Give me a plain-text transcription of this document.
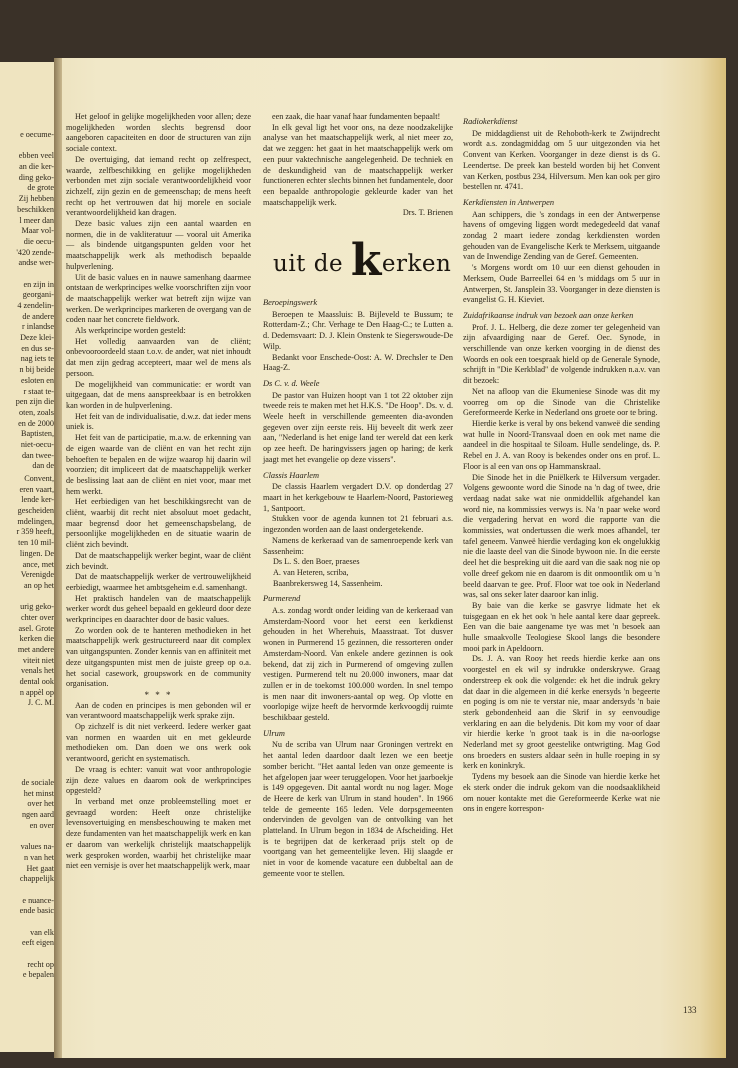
e oecume-
ebben veel
an die ker-
ding geko-
de grote
Zij hebben
beschikken
l meer dan
Maar vol-
die oecu-
'420 zende-
andse wer-
en zijn in
georgani-
4 zendelin-
de andere
r inlandse
Deze klei-
en dus se-
nag iets te
n bij beide
esloten en
r staat te-
pen zijn die
oten, zoals
en de 2000
Baptisten,
niet-oecu-
dan twee-
dan de
Convent,
eren vaart,
lende ker-
gescheiden
mdelingen,
r 359 heeft,
ten 10 mil-
lingen. De
ance, met
Verenigde
an op het
urig geko-
chter over
asel. Grote
kerken die
met andere
viteit niet
venals het
dental ook
n appèl op
J. C. M.
de sociale
het minst
over het
ngen aard
en over
values na-
n van het
Het gaat
chappelijk
e nuance-
ende basic
van elk
eeft eigen
recht op
e bepalen

Het geloof in gelijke mogelijkheden voor allen; deze mogelijkheden worden slechts begrensd door aangeboren capaciteiten en door de structuren van zijn sociale context.

De overtuiging, dat iemand recht op zelfrespect, waarde, zelfbeschikking en gelijke mogelijkheden verbonden met zijn sociale verantwoordelijkheid voor zichzelf, zijn gezin en de gemeenschap; de mens heeft recht op het vertrouwen dat hij morele en sociale verantwoordelijkheid kan dragen.

Deze basic values zijn een aantal waarden en normen, die in de vakliteratuur — vooral uit Amerika — als bindende uitgangspunten gelden voor het maatschappelijk werk als methodisch bepaalde hulpverlening.

Uit de basic values en in nauwe samenhang daarmee ontstaan de werkprincipes welke voorschriften zijn voor de maatschappelijk werker wat betreft zijn wijze van werken. De werkprincipes markeren de overgang van de coden naar het concrete fieldwork.

Als werkprincipe worden gesteld:

Het volledig aanvaarden van de cliënt; onbevooroordeeld staan t.o.v. de ander, wat niet inhoudt dat men zijn gedrag accepteert, maar wel de mens als persoon.

De mogelijkheid van communicatie: er wordt van uitgegaan, dat de mens aanspreekbaar is en betrokken kan worden in de hulpverlening.

Het feit van de individualisatie, d.w.z. dat ieder mens uniek is.

Het feit van de participatie, m.a.w. de erkenning van de eigen waarde van de cliënt en van het recht zijn behoeften te bepalen en de wijze waarop hij daarin wil voorzien; dit impliceert dat de maatschappelijk werker de beslissing laat aan de cliënt en niet voor, maar met hem werkt.

Het eerbiedigen van het beschikkingsrecht van de cliënt, waarbij dit recht niet absoluut moet gedacht, maar begrensd door het gemeenschapsbelang, de persoonlijke mogelijkheden en de situatie waarin de cliënt zich bevindt.

Dat de maatschappelijk werker begint, waar de cliënt zich bevindt.

Dat de maatschappelijk werker de vertrouwelijkheid eerbiedigt, waarmee het ambtsgeheim e.d. samenhangt.

Het praktisch handelen van de maatschappelijk werker wordt dus geheel bepaald en gekleurd door deze werkprincipes en daarachter door de basic values.

Zo worden ook de te hanteren methodieken in het maatschappelijk werk gestructureerd naar dit complex van uitgangspunten. Zonder kennis van en affiniteit met deze uitgangspunten mist men de juiste greep op o.a. het social casework, groupswork en de community organisation.

* * *

Aan de coden en principes is men gebonden wil er van verantwoord maatschappelijk werk sprake zijn.

Op zichzelf is dit niet verkeerd. Iedere werker gaat van normen en waarden uit en met gekleurde methodieken om. Dan doen we ons werk ook verantwoord, gericht en systematisch.

De vraag is echter: vanuit wat voor anthropologie zijn deze values en daarom ook de werkprincipes opgesteld?

In verband met onze probleemstelling moet er gevraagd worden: Heeft onze christelijke levensovertuiging en mensbeschouwing te maken met deze fundamenten van het maatschappelijk werk en kan er daarom van werkelijk christelijk maatschappelijk werk gesproken worden, waarbij het christelijke maar niet een vernisje is over het maatschappelijk werk, maar

een zaak, die haar vanaf haar fundamenten bepaalt!

In elk geval ligt het voor ons, na deze noodzakelijke analyse van het maatschappelijk werk, al niet meer zo, dat we zeggen: het gaat in het maatschappelijk werk om een puur vaktechnische aangelegenheid. De techniek en de deskundigheid van de maatschappelijk werker functioneren echter slechts binnen het fundamentele, door een bepaalde anthropologie gekleurde kader van het maatschappelijk werk.

Drs. T. Brienen

uit de kerken
Beroepingswerk

Beroepen te Maassluis: B. Bijleveld te Bussum; te Rotterdam-Z.; Chr. Verhage te Den Haag-C.; te Lutten a. d. Dedemsvaart: D. J. Klein Onstenk te Siegerswoude-De Wilp.

Bedankt voor Enschede-Oost: A. W. Drechsler te Den Haag-Z.

Ds C. v. d. Weele

De pastor van Huizen hoopt van 1 tot 22 oktober zijn tweede reis te maken met het H.K.S. "De Hoop". Ds. v. d. Weele heeft in verschillende gemeenten dia-avonden gegeven over zijn eerste reis. Hij beveelt dit werk zeer aan, "Nederland is het enige land ter wereld dat een kerk op zee heeft. De haringvissers jagen op haring; de kerk jaagt met het evangelie op deze vissers".

Classis Haarlem

De classis Haarlem vergadert D.V. op donderdag 27 maart in het kerkgebouw te Haarlem-Noord, Pastorieweg 1, Santpoort.

Stukken voor de agenda kunnen tot 21 februari a.s. ingezonden worden aan de laast ondergetekende.

Namens de kerkeraad van de samenroepende kerk van Sassenheim:

Ds L. S. den Boer, praeses

A. van Heteren, scriba,

Baanbrekersweg 14, Sassenheim.

Purmerend

A.s. zondag wordt onder leiding van de kerkeraad van Amsterdam-Noord voor het eerst een kerkdienst gehouden in het Wherehuis, Maasstraat. Tot dusver wonen in Purmerend 15 gezinnen, die ressorteren onder Amsterdam-Noord. Van enkele andere gezinnen is ook bekend, dat zij zich in Purmerend of omgeving zullen vestigen. Purmerend telt nu 20.000 inwoners, maar dat zullen er in de toekomst 100.000 worden. In snel tempo is men naar dit inwoners-aantal op weg. Op vlotte en voorlopige wijze heeft de hervormde kerkvoogdij ruimte beschikbaar gesteld.

Ulrum

Nu de scriba van Ulrum naar Groningen vertrekt en het aantal leden daardoor daalt lezen we een beetje somber bericht. "Het aantal leden van onze gemeente is het afgelopen jaar weer teruggelopen. Voor het jaarboekje is 149 opgegeven. Dit aantal wordt nu nog lager. Moge de Heere de kerk van Ulrum in stand houden". In 1966 telde de gemeente 165 leden. Vele dorpsgemeenten ondervinden de gevolgen van de ontvolking van het platteland. In Ulrum begon in 1834 de Afscheiding. Het is te begrijpen dat de kerkeraad prijs stelt op de voortgang van het gemeentelijke leven. Hij slaagde er niet in voor de komende vacature een dubbeltal aan de gemeente voor te stellen.

Radiokerkdienst

De middagdienst uit de Rehoboth-kerk te Zwijndrecht wordt a.s. zondagmiddag om 5 uur uitgezonden via het Convent van Kerken. Voorganger in deze dienst is ds G. Leendertse. De preek kan besteld worden bij het Convent van Kerken, postbus 234, Hilversum. Men kan ook per giro bestellen nr. 4741.

Kerkdiensten in Antwerpen

Aan schippers, die 's zondags in een der Antwerpense havens of omgeving liggen wordt medegedeeld dat vanaf zondag 2 maart iedere zondag kerkdiensten worden gehouden van de Evangelische Kerk te Merksem, uitgaande van de Inwendige Zending van de Geref. Gemeenten.

's Morgens wordt om 10 uur een dienst gehouden in Merksem, Oude Barreellei 64 en 's middags om 5 uur in Antwerpen, St. Jansplein 33. Voorganger in deze diensten is evangelist G. H. Kieviet.

Zuidafrikaanse indruk van bezoek aan onze kerken

Prof. J. L. Helberg, die deze zomer ter gelegenheid van zijn afvaardiging naar de Geref. Oec. Synode, in verschillende van onze kerken voorging in de dienst des Woords en ook een toespraak hield op de Generale Synode, schrijft in "Die Kerkblad" de volgende indrukken n.a.v. van dit bezoek:

Net na afloop van die Ekumeniese Sinode was dit my voorreg om op die Sinode van die Christelike Gereformeerde Kerke in Nederland ons groete oor te bring.

Hierdie kerke is veral by ons bekend vanweë die sending wat hulle in Noord-Transvaal doen en ook met name die aandeel in die hospitaal te Siloam. Hulle sendelinge, ds. P. Rebel en J. A. van Rooy is bekendes onder ons en prof. L. Floor is al een van ons op Hammanskraal.

Die Sinode het in die Pniëlkerk te Hilversum vergader. Volgens gewoonte word die Sinode na 'n dag of twee, drie verdaag nadat sake wat nie onmiddellik afgehandel kan word nie, na kommissies verwys is. Na 'n paar weke word die vergadering hervat en word die rapporte van die kommissies, wat ondertussen die werk moes afhandel, ter tafel geneem. Vanweë hierdie verdaging kon ek ongelukkig nie die laaste deel van die Sinode bywoon nie. In die eerste deel het die bespreking uit die aard van die saak nog nie op volle dreef gekom nie en daarom is dit onmoontlik om u 'n beeld daarvan te gee. Prof. Floor wat toe ook in Nederland was, sal ons seker later daaroor kan inlig.

By baie van die kerke se gasvrye lidmate het ek tuisgegaan en ek het ook 'n hele aantal kere daar gepreek. Een van die baie aangename tye was met 'n besoek aan hulle smaakvolle Teologiese Skool langs die besondere mooi park in Apeldoorn.

Ds. J. A. van Rooy het reeds hierdie kerke aan ons voorgestel en ek wil sy indrukke onderskrywe. Graag onderstreep ek ook die volgende: ek het die indruk gekry dat daar in die algemeen in dié kerke enersyds 'n begeerte en poging is om nie te verstar nie, maar andersyds 'n baie sterk gebondenheid aan die Skrif in sy eenvoudige verklaring en aan die belydenis. Dit kom my voor of daar vir hierdie kerke 'n groot taak is in die na-oorlogse Nederland met sy groot geestelike ontwrigting. Mag God ons broeders en susters aldaar seën in hulle roeping in sy kerk en koninkryk.

Tydens my besoek aan die Sinode van hierdie kerke het ek sterk onder die indruk gekom van die noodsaaklikheid om nouer kontakte met die Gereformeerde Kerke wat nie ons in engere korrespon-

133
